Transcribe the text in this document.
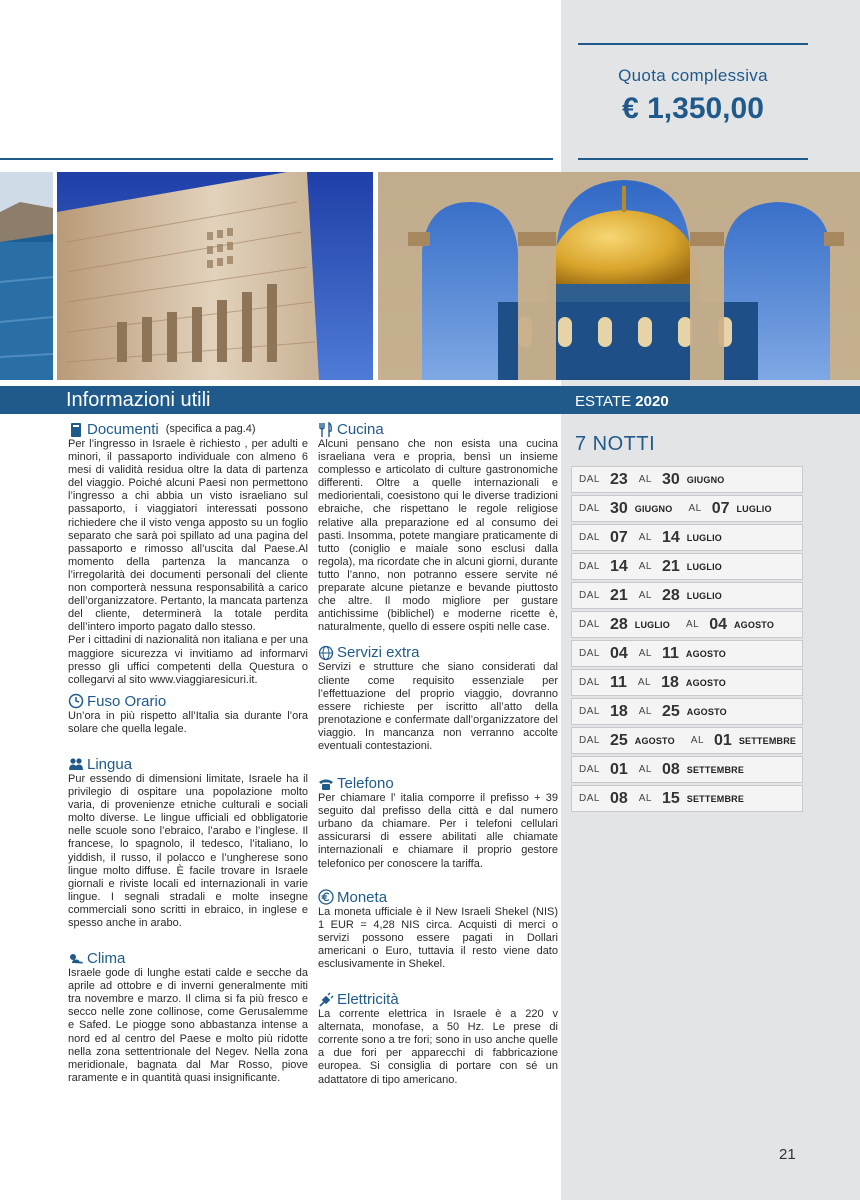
Quota complessiva
€ 1,350,00
Informazioni utili	ESTATE 2020
Documenti (specifica a pag.4)

Per l’ingresso in Israele è richiesto , per adulti e minori, il passaporto individuale con almeno 6 mesi di validità residua oltre la data di partenza del viaggio. Poiché alcuni Paesi non permettono l’ingresso a chi abbia un visto israeliano sul passaporto, i viaggiatori interessati possono richiedere che il visto venga apposto su un foglio separato che sarà poi spillato ad una pagina del passaporto e rimosso all’uscita dal Paese.Al momento della partenza la mancanza o l’irregolarità dei documenti personali del cliente non comporterà nessuna responsabilità a carico dell’organizzatore. Pertanto, la mancata partenza del cliente, determinerà la totale perdita dell’intero importo pagato dallo stesso.

Per i cittadini di nazionalità non italiana e per una maggiore sicurezza vi invitiamo ad informarvi presso gli uffici competenti della Questura o collegarvi al sito www.viaggiaresicuri.it.

Fuso Orario

Un’ora in più rispetto all’Italia sia durante l’ora solare che quella legale.

Lingua

Pur essendo di dimensioni limitate, Israele ha il privilegio di ospitare una popolazione molto varia, di provenienze etniche culturali e sociali molto diverse. Le lingue ufficiali ed obbligatorie nelle scuole sono l’ebraico, l’arabo e l’inglese. Il francese, lo spagnolo, il tedesco, l’italiano, lo yiddish, il russo, il polacco e l’ungherese sono lingue molto diffuse. È facile trovare in Israele giornali e riviste locali ed internazionali in varie lingue. I segnali stradali e molte insegne commerciali sono scritti in ebraico, in inglese e spesso anche in arabo.

Clima

Israele gode di lunghe estati calde e secche da aprile ad ottobre e di inverni generalmente miti tra novembre e marzo. Il clima si fa più fresco e secco nelle zone collinose, come Gerusalemme e Safed. Le piogge sono abbastanza intense a nord ed al centro del Paese e molto più ridotte nella zona settentrionale del Negev. Nella zona meridionale, bagnata dal Mar Rosso, piove raramente e in quantità quasi insignificante.

Cucina

Alcuni pensano che non esista una cucina israeliana vera e propria, bensì un insieme complesso e articolato di culture gastronomiche differenti. Oltre a quelle internazionali e mediorientali, coesistono qui le diverse tradizioni ebraiche, che rispettano le regole religiose relative alla preparazione ed al consumo dei pasti. Insomma, potete mangiare praticamente di tutto (coniglio e maiale sono esclusi dalla regola), ma ricordate che in alcuni giorni, durante tutto l’anno, non potranno essere servite né preparate alcune pietanze e bevande piuttosto che altre. Il modo migliore per gustare antichissime (biblichel) e moderne ricette è, naturalmente, quello di essere ospiti nelle case.

Servizi extra

Servizi e strutture che siano considerati dal cliente come requisito essenziale per l’effettuazione del proprio viaggio, dovranno essere richieste per iscritto all’atto della prenotazione e confermate dall’organizzatore del viaggio. In mancanza non verranno accolte eventuali contestazioni.

Telefono

Per chiamare l’ italia comporre il prefisso + 39 seguito dal prefisso della città e dal numero urbano da chiamare. Per i telefoni cellulari assicurarsi di essere abilitati alle chiamate internazionali e chiamare il proprio gestore telefonico per conoscere la tariffa.

Moneta

La moneta ufficiale è il New Israeli Shekel (NIS) 1 EUR = 4,28 NIS circa. Acquisti di merci o servizi possono essere pagati in Dollari americani o Euro, tuttavia il resto viene dato esclusivamente in Shekel.

Elettricità

La corrente elettrica in Israele è a 220 v alternata, monofase, a 50 Hz. Le prese di corrente sono a tre fori; sono in uso anche quelle a due fori per apparecchi di fabbricazione europea. Si consiglia di portare con sé un adattatore di tipo americano.

7 NOTTI
DAL 23 AL 30 GIUGNO
DAL 30 GIUGNO AL 07 LUGLIO
DAL 07 AL 14 LUGLIO
DAL 14 AL 21 LUGLIO
DAL 21 AL 28 LUGLIO
DAL 28 LUGLIO AL 04 AGOSTO
DAL 04 AL 11 AGOSTO
DAL 11 AL 18 AGOSTO
DAL 18 AL 25 AGOSTO
DAL 25 AGOSTO AL 01 SETTEMBRE
DAL 01 AL 08 SETTEMBRE
DAL 08 AL 15 SETTEMBRE
21
